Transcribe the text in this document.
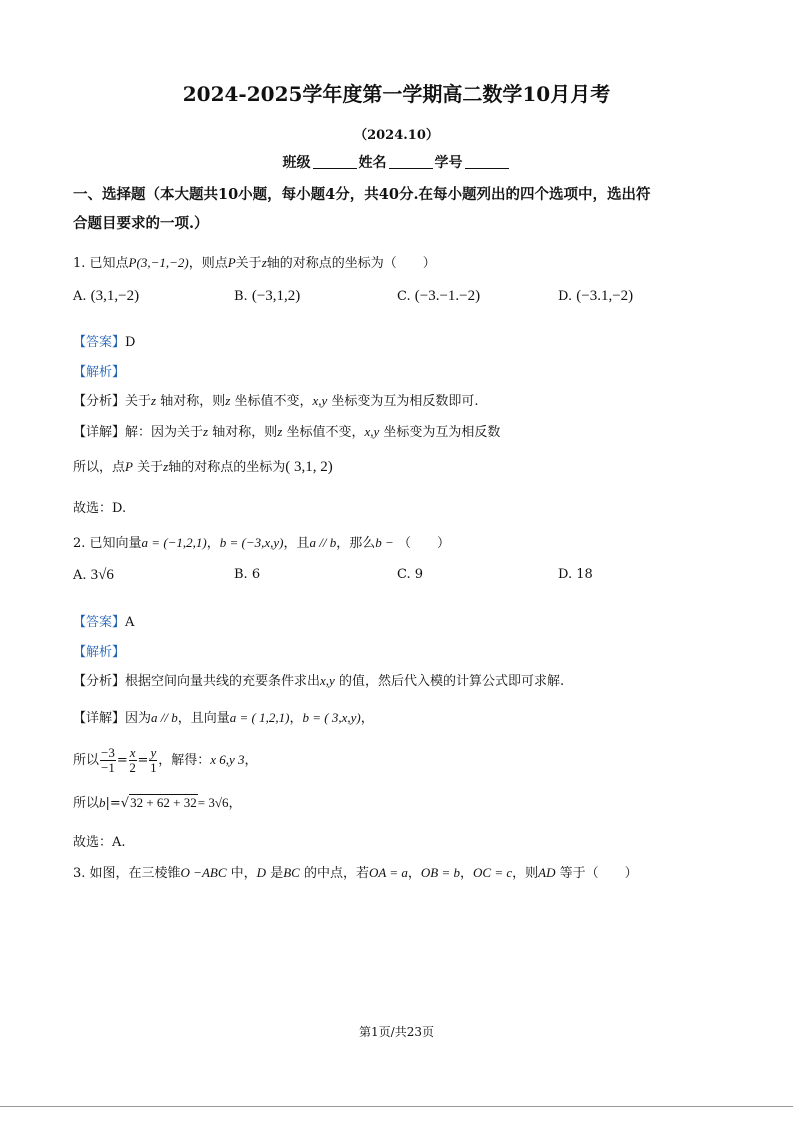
2024-2025学年度第一学期高二数学10月月考
（2024.10）
班级	姓名	学号
一、选择题（本大题共10小题，每小题4分，共40分.在每小题列出的四个选项中，选出符
合题目要求的一项.）
1. 已知点P(3,−1,−2)，则点P关于z轴的对称点的坐标为（　　）
A. (3,1,−2)	B. (−3,1,2)	C. (−3.−1.−2)	D. (−3.1,−2)
【答案】D
【解析】
【分析】关于z 轴对称，则z 坐标值不变，x,y 坐标变为互为相反数即可.
【详解】解：因为关于z 轴对称，则z 坐标值不变，x,y 坐标变为互为相反数
所以，点P 关于z轴的对称点的坐标为( 3,1, 2)
故选：D.
2. 已知向量a = (−1,2,1)，b = (−3,x,y)，且a // b，那么b − （　　）
A. 3√6	B. 6	C. 9	D. 18
【答案】A
【解析】
【分析】根据空间向量共线的充要条件求出x,y 的值，然后代入模的计算公式即可求解.
【详解】因为a // b，且向量a = ( 1,2,1)，b = ( 3,x,y)，
所以 $\frac{-3}{-1} = \frac{x}{2} = \frac{y}{1}$ ，解得：x 6,y 3，
所以b|=√32 + 62 + 32= 3√6，
故选：A.
3. 如图，在三棱锥O −ABC 中，D 是BC 的中点，若OA = a，OB = b，OC = c，则AD 等于（　　）
第1页/共23页
